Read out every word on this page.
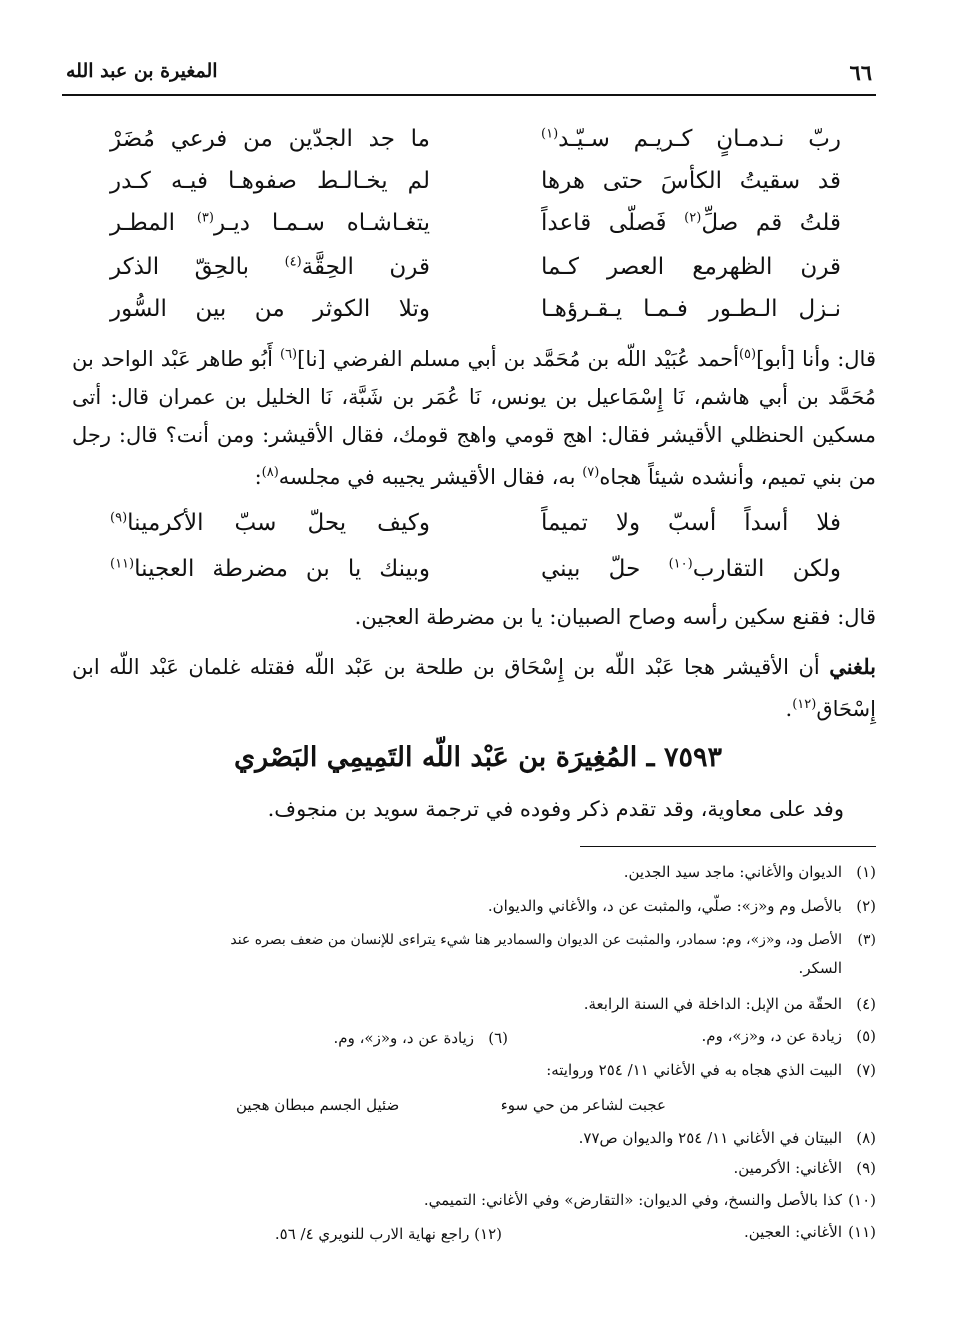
٦٦
المغيرة بن عبد الله
ربّ نـدمـانٍ كـريـم سـيّـد$^{(١)}$
ما جد الجدّين من فرعي مُضَرْ
قد سقيتُ الكأسَ حتى هرها
لم يخـالـط صفوهـا فيـه كـدر
قلتُ قم صلِّ$^{(٢)}$ فَصلّى قاعداً
يتغـاشـاه سـمـا ديـر$^{(٣)}$ المطـر
قرن الظهرمع العصر كـما
قرن الحِقَّة$^{(٤)}$ بالحِقّ الذكر
نـزل الـطـور فـمـا يـقـرؤهـا
وتلا الكوثر من بين السُّور
قال: وأنا [أبو]$^{(٥)}$أحمد عُبَيْد اللّه بن مُحَمَّد بن أبي مسلم الفرضي [نا]$^{(٦)}$ أَبُو طاهر عَبْد الواحد بن مُحَمَّد بن أبي هاشم، نَا إِسْمَاعيل بن يونس، نَا عُمَر بن شَبَّة، نَا الخليل بن عمران قال: أتى مسكين الحنظلي الأقيشر فقال: اهج قومي واهج قومك، فقال الأقيشر: ومن أنت؟ قال: رجل من بني تميم، وأنشده شيئاً هجاه$^{(٧)}$ به، فقال الأقيشر يجيبه في مجلسه$^{(٨)}$:
فلا أسداً أسبّ ولا تميماً
وكيف يحلّ سبّ الأكرمينا$^{(٩)}$
ولكن التقارب$^{(١٠)}$ حلّ بيني
وبينك يا بن مضرطة العجينا$^{(١١)}$
قال: فقنع سكين رأسه وصاح الصبيان: يا بن مضرطة العجين.
بلغني أن الأقيشر هجا عَبْد اللّه بن إِسْحَاق بن طلحة بن عَبْد اللّه فقتله غلمان عَبْد اللّه ابن إِسْحَاق$^{(١٢)}$.
٧٥٩٣ ـ المُغِيرَة بن عَبْد اللّه التَمِيمِي البَصْري
وفد على معاوية، وقد تقدم ذكر وفوده في ترجمة سويد بن منجوف.
(١)الديوان والأغاني: ماجد سيد الجدين.
(٢)بالأصل وم و«ز»: صلّي، والمثبت عن د، والأغاني والديوان.
(٣)الأصل ود، و«ز»، وم: سمادر، والمثبت عن الديوان والسمادير هنا شيء يتراءى للإنسان من ضعف بصره عند
السكر.
(٤)الحقّة من الإبل: الداخلة في السنة الرابعة.
(٥)زيادة عن د، و«ز»، وم.
(٦)زيادة عن د، و«ز»، وم.
(٧)البيت الذي هجاه به في الأغاني ١١/ ٢٥٤ وروايته:
عجبت لشاعر من حي سوء
ضئيل الجسم مبطان هجين
(٨)البيتان في الأغاني ١١/ ٢٥٤ والديوان ص٧٧.
(٩)الأغاني: الأكرمين.
(١٠)كذا بالأصل والنسخ، وفي الديوان: «التقارض» وفي الأغاني: التميمي.
(١١)الأغاني: العجين.
(١٢) راجع نهاية الارب للنويري ٤/ ٥٦.
